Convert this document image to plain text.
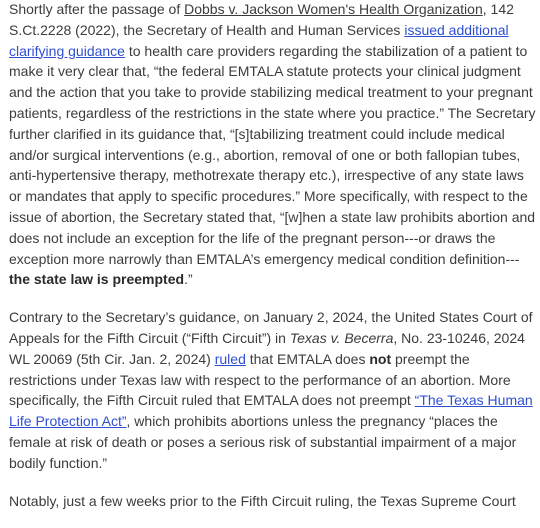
Shortly after the passage of Dobbs v. Jackson Women's Health Organization, 142 S.Ct.2228 (2022), the Secretary of Health and Human Services issued additional clarifying guidance to health care providers regarding the stabilization of a patient to make it very clear that, “the federal EMTALA statute protects your clinical judgment and the action that you take to provide stabilizing medical treatment to your pregnant patients, regardless of the restrictions in the state where you practice.” The Secretary further clarified in its guidance that, “[s]tabilizing treatment could include medical and/or surgical interventions (e.g., abortion, removal of one or both fallopian tubes, anti-hypertensive therapy, methotrexate therapy etc.), irrespective of any state laws or mandates that apply to specific procedures.” More specifically, with respect to the issue of abortion, the Secretary stated that, “[w]hen a state law prohibits abortion and does not include an exception for the life of the pregnant person---or draws the exception more narrowly than EMTALA’s emergency medical condition definition---the state law is preempted.”

Contrary to the Secretary’s guidance, on January 2, 2024, the United States Court of Appeals for the Fifth Circuit (“Fifth Circuit”) in Texas v. Becerra, No. 23-10246, 2024 WL 20069 (5th Cir. Jan. 2, 2024) ruled that EMTALA does not preempt the restrictions under Texas law with respect to the performance of an abortion. More specifically, the Fifth Circuit ruled that EMTALA does not preempt “The Texas Human Life Protection Act”, which prohibits abortions unless the pregnancy “places the female at risk of death or poses a serious risk of substantial impairment of a major bodily function.”

Notably, just a few weeks prior to the Fifth Circuit ruling, the Texas Supreme Court
